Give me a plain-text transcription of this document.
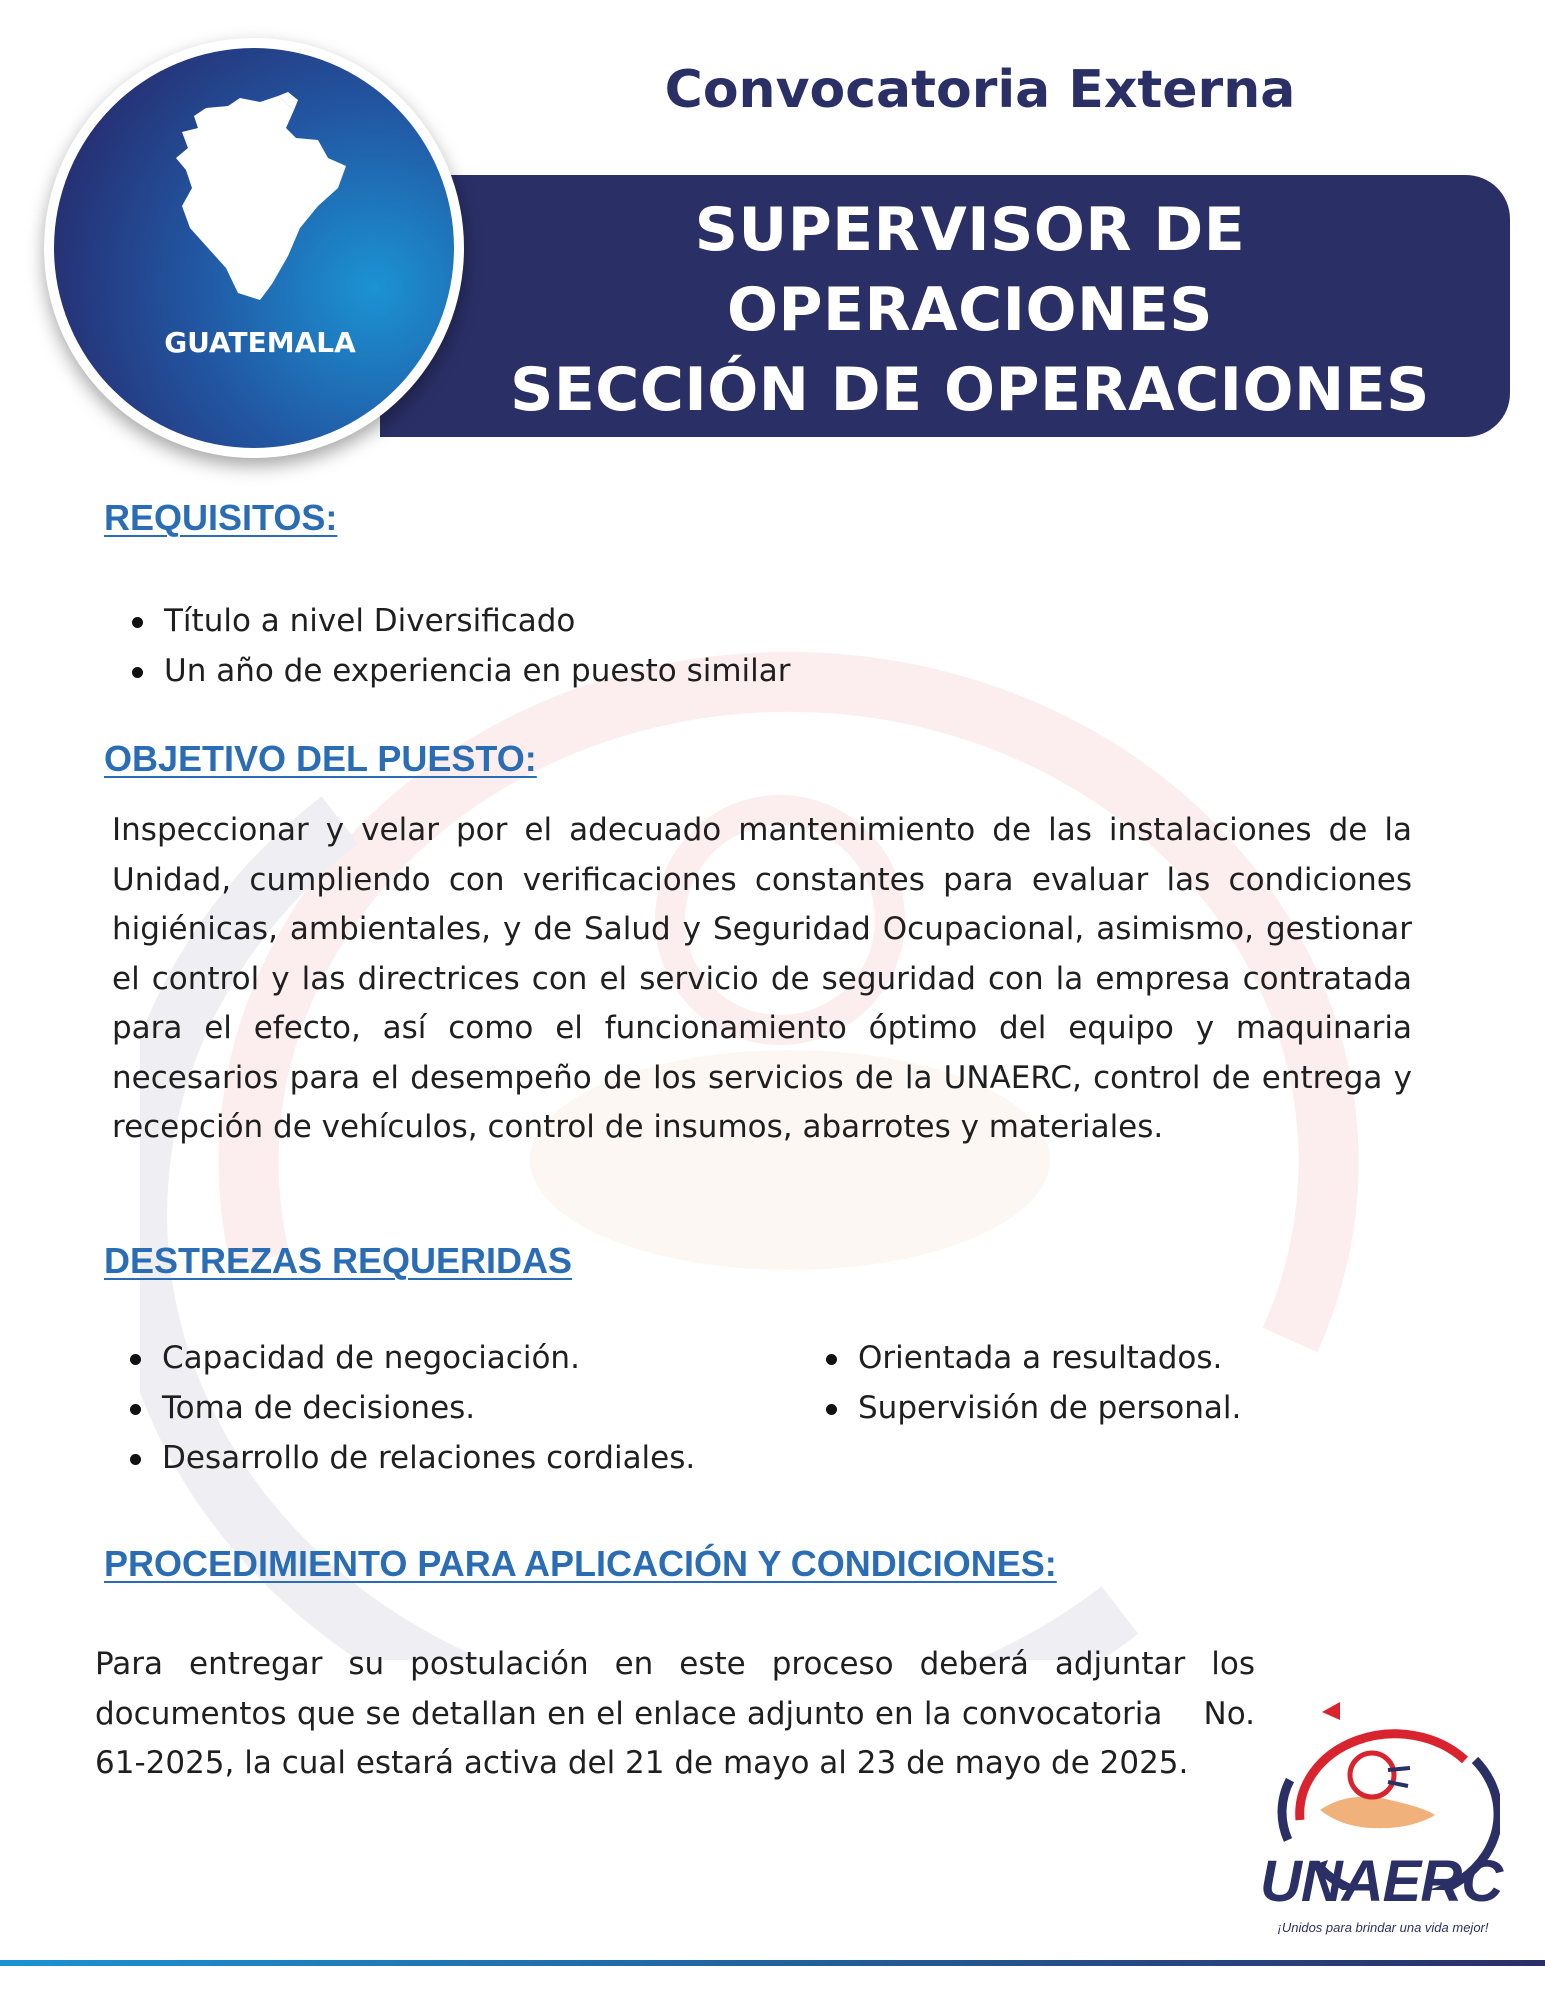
Convocatoria Externa
SUPERVISOR DE
OPERACIONES
SECCIÓN DE OPERACIONES
GUATEMALA
REQUISITOS:
Título a nivel Diversificado
Un año de experiencia en puesto similar
OBJETIVO DEL PUESTO:
Inspeccionar y velar por el adecuado mantenimiento de las instalaciones de la Unidad, cumpliendo con verificaciones constantes para evaluar las condiciones higiénicas, ambientales, y de Salud y Seguridad Ocupacional, asimismo, gestionar el control y las directrices con el servicio de seguridad con la empresa contratada para el efecto, así como el funcionamiento óptimo del equipo y maquinaria necesarios para el desempeño de los servicios de la UNAERC, control de entrega y recepción de vehículos, control de insumos, abarrotes y materiales.
DESTREZAS REQUERIDAS
Capacidad de negociación.
Toma de decisiones.
Desarrollo de relaciones cordiales.
Orientada a resultados.
Supervisión de personal.
PROCEDIMIENTO PARA APLICACIÓN Y CONDICIONES:
Para entregar su postulación en este proceso deberá adjuntar los documentos que se detallan en el enlace adjunto en la convocatoria    No. 61-2025, la cual estará activa del 21 de mayo al 23 de mayo de 2025.
UNAERC
¡Unidos para brindar una vida mejor!
